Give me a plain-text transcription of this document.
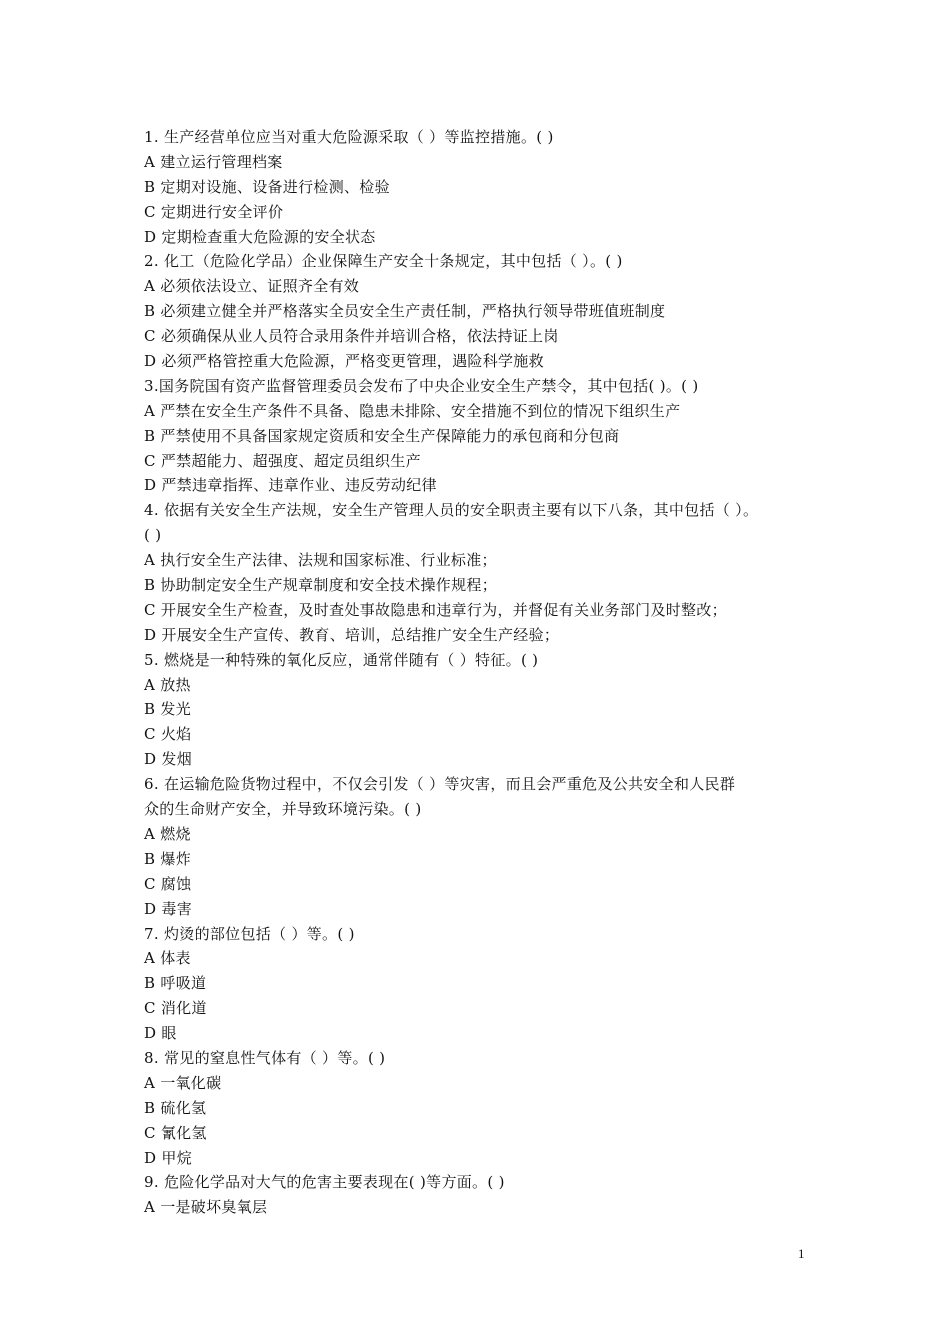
1. 生产经营单位应当对重大危险源采取（ ）等监控措施。( )
A 建立运行管理档案
B 定期对设施、设备进行检测、检验
C 定期进行安全评价
D 定期检查重大危险源的安全状态
2. 化工（危险化学品）企业保障生产安全十条规定，其中包括（ ）。( )
A 必须依法设立、证照齐全有效
B 必须建立健全并严格落实全员安全生产责任制，严格执行领导带班值班制度
C 必须确保从业人员符合录用条件并培训合格，依法持证上岗
D 必须严格管控重大危险源，严格变更管理，遇险科学施救
3.国务院国有资产监督管理委员会发布了中央企业安全生产禁令，其中包括( )。( )
A 严禁在安全生产条件不具备、隐患未排除、安全措施不到位的情况下组织生产
B 严禁使用不具备国家规定资质和安全生产保障能力的承包商和分包商
C 严禁超能力、超强度、超定员组织生产
D 严禁违章指挥、违章作业、违反劳动纪律
4. 依据有关安全生产法规，安全生产管理人员的安全职责主要有以下八条，其中包括（ ）。
( )
A 执行安全生产法律、法规和国家标准、行业标准；
B 协助制定安全生产规章制度和安全技术操作规程；
C 开展安全生产检查，及时查处事故隐患和违章行为，并督促有关业务部门及时整改；
D 开展安全生产宣传、教育、培训，总结推广安全生产经验；
5. 燃烧是一种特殊的氧化反应，通常伴随有（ ）特征。( )
A 放热
B 发光
C 火焰
D 发烟
6. 在运输危险货物过程中，不仅会引发（ ）等灾害，而且会严重危及公共安全和人民群
众的生命财产安全，并导致环境污染。( )
A 燃烧
B 爆炸
C 腐蚀
D 毒害
7. 灼烫的部位包括（ ）等。( )
A 体表
B 呼吸道
C 消化道
D 眼
8. 常见的窒息性气体有（ ）等。( )
A 一氧化碳
B 硫化氢
C 氰化氢
D 甲烷
9. 危险化学品对大气的危害主要表现在( )等方面。( )
A 一是破坏臭氧层
1
